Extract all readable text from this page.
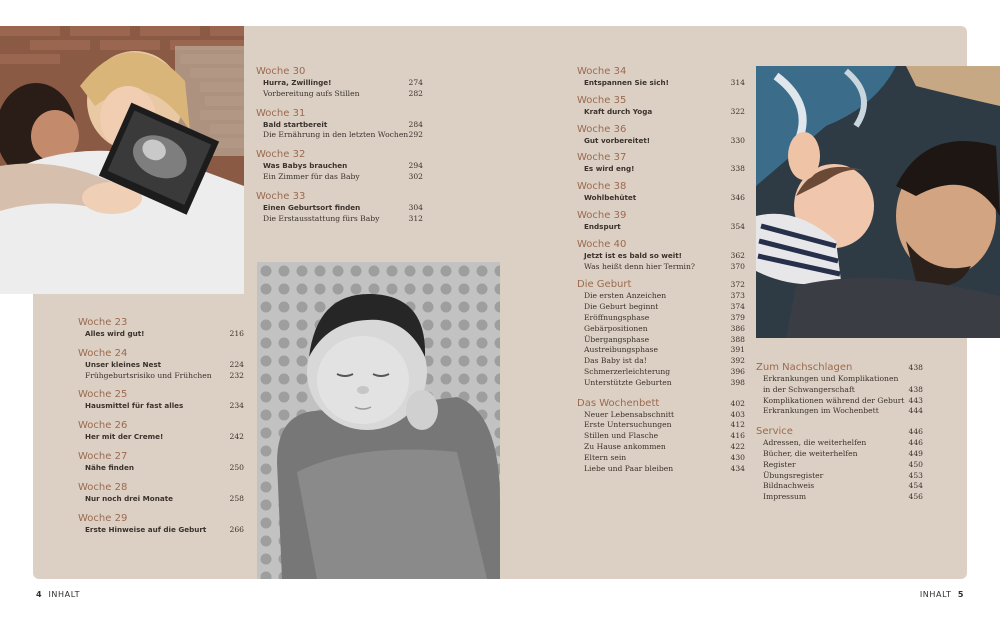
Woche 23
Alles wird gut!	216
Woche 24
Unser kleines Nest	224
Frühgeburtsrisiko und Frühchen 232
Woche 25
Hausmittel für fast alles	234
Woche 26
Her mit der Creme!	242
Woche 27
Nähe finden	250
Woche 28
Nur noch drei Monate	258
Woche 29
Erste Hinweise auf die Geburt	266
Woche 30
Hurra, Zwillinge!	274
Vorbereitung aufs Stillen	282
Woche 31
Bald startbereit	284
Die Ernährung in den letzten Wochen 292
Woche 32
Was Babys brauchen	294
Ein Zimmer für das Baby	302
Woche 33
Einen Geburtsort finden	304
Die Erstausstattung fürs Baby	312
Woche 34
Entspannen Sie sich!	314
Woche 35
Kraft durch Yoga	322
Woche 36
Gut vorbereitet!	330
Woche 37
Es wird eng!	338
Woche 38
Wohlbehütet	346
Woche 39
Endspurt	354
Woche 40
Jetzt ist es bald so weit!	362
Was heißt denn hier Termin?	370
Die Geburt	372
Die ersten Anzeichen	373
Die Geburt beginnt	374
Eröffnungsphase	379
Gebärpositionen	386
Übergangsphase	388
Austreibungsphase	391
Das Baby ist da!	392
Schmerzerleichterung	396
Unterstützte Geburten	398
Das Wochenbett	402
Neuer Lebensabschnitt	403
Erste Untersuchungen	412
Stillen und Flasche	416
Zu Hause ankommen	422
Eltern sein	430
Liebe und Paar bleiben	434
Zum Nachschlagen	438
Erkrankungen und Komplikationen
in der Schwangerschaft	438
Komplikationen während der Geburt 443
Erkrankungen im Wochenbett	444
Service	446
Adressen, die weiterhelfen	446
Bücher, die weiterhelfen	449
Register	450
Übungsregister	453
Bildnachweis	454
Impressum	456
4 INHALT	INHALT 5
